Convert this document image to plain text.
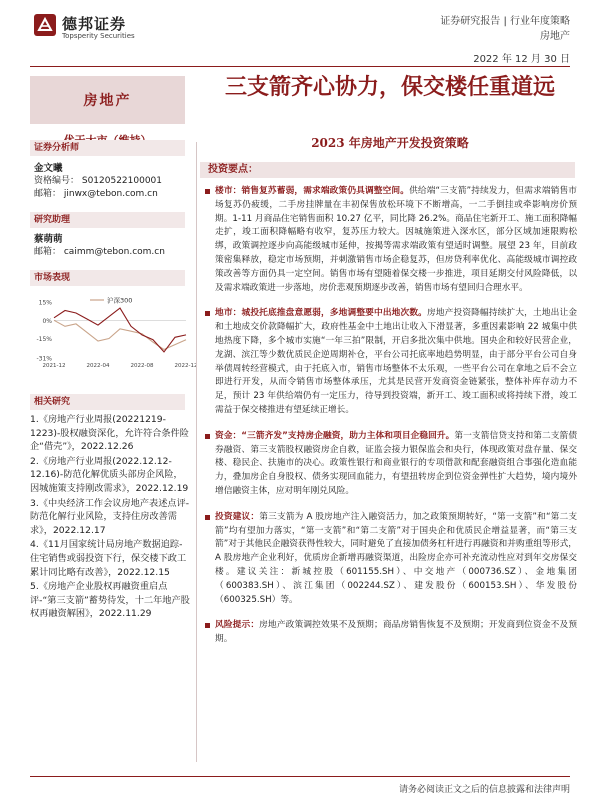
德邦证券
Topsperity Securities
证券研究报告 | 行业年度策略
房地产
2022 年 12 月 30 日
房地产
三支箭齐心协力，保交楼任重道远
2023 年房地产开发投资策略
证券分析师
金文曦
资格编号： S0120522100001
邮箱： jinwx@tebon.com.cn
研究助理
蔡萌萌
邮箱： caimm@tebon.com.cn
市场表现
15%
0%
-15%
-31%
2021-12	2022-04	2022-08	2022-12
沪深300
相关研究
1.《房地产行业周报(20221219-1223)-股权融资深化，允许符合条件险企“借壳”》，2022.12.26
2.《房地产行业周报(2022.12.12-12.16)-防范化解优质头部房企风险，因城施策支持刚改需求》，2022.12.19
3.《中央经济工作会议房地产表述点评-防范化解行业风险，支持住房改善需求》，2022.12.17
4.《11月国家统计局房地产数据追踪-住宅销售或弱投资下行，保交楼下政工累计同比略有改善》，2022.12.15
5.《房地产企业股权再融资重启点评-“第三支箭”蓄势待发，十二年地产股权再融资解困》，2022.11.29
投资要点：
楼市：销售复苏蓄弱，需求端政策仍具调整空间。供给端“三支箭”持续发力，但需求端销售市场复苏仍疲缓，二手房挂牌量在丰初保售放松环境下不断增高，一二手倒挂或牵影响房价预期。1-11 月商品住宅销售面积 10.27 亿平，同比降 26.2%。商品住宅新开工、施工面积降幅走扩，竣工面积降幅略有收窄，复苏压力较大。因城施策进入深水区，部分区域加速限购松绑，政策调控逐步向高能级城市延伸，按揭等需求端政策有望适时调整。展望 23 年，目前政策密集释放，稳定市场预期，并刺激销售市场企稳复苏，但房贷利率优化、高能级城市调控政策改善等方面仍具一定空间。销售市场有望随着保交楼一步推进，项目延期交付风险降低，以及需求端政策进一步落地，房价悲观预期逐步改善，销售市场有望回归合理水平。
地市：城投托底推盘意愿弱，多地调整要中出地次数。房地产投资降幅持续扩大，土地出让金和土地成交价款降幅扩大，政府性基金中土地出让收入下滑显著，多重因素影响 22 城集中供地热度下降，多个城市实施“一年三拍”限制，开启多批次集中供地。国央企和较好民营企业，龙湖、滨江等少数优质民企逆周期补仓，平台公司托底率地趋势明显，由于部分平台公司自身举债周转经营模式，由于托底入市，销售市场整体不太乐观，一些平台公司在拿地之后不会立即进行开发，从而令销售市场整体承压，尤其是民营开发商资金链紧张，整体补库存动力不足，预计 23 年供给端仍有一定压力，待导到投资端，新开工、竣工面积或将持续下滑，竣工需益于保交楼推进有望延续正增长。
资金：“三箭齐发”支持房企融资，助力主体和项目企稳回升。第一支箭信贷支持和第二支箭债券融资、第三支箭股权融资房企自救，证监会接力银保监会和央行，体现政策对盘存量、保交楼、稳民企、扶施市的决心。政策性银行和商业银行的专项借款和配套融资组合事强化造血能力，叠加房企自身股权、债务实现回血能力，有望扭转房企到位资金弹性扩大趋势，境内境外增信融资主体，应对明年刚兑风险。
投资建议：第三支箭为 A 股房地产注入融资活力，加之政策预期转好，“第一支箭”和“第二支箭”均有望加力落实，“第一支箭”和“第二支箭”对于国央企和优质民企增益显著，而“第三支箭”对于其他民企融资获得性较大，同时避免了直接加债务杠杆进行再融资和并购重组等形式，A 股房地产企业利好，优质房企新增再融资渠道，出险房企亦可补充流动性应对到年交房保交楼。建议关注：新城控股（601155.SH）、中交地产（000736.SZ）、金地集团（600383.SH）、滨江集团（002244.SZ）、建发股份（600153.SH）、华发股份（600325.SH）等。
风险提示：房地产政策调控效果不及预期；商品房销售恢复不及预期；开发商到位资金不及预期。
请务必阅读正文之后的信息披露和法律声明
